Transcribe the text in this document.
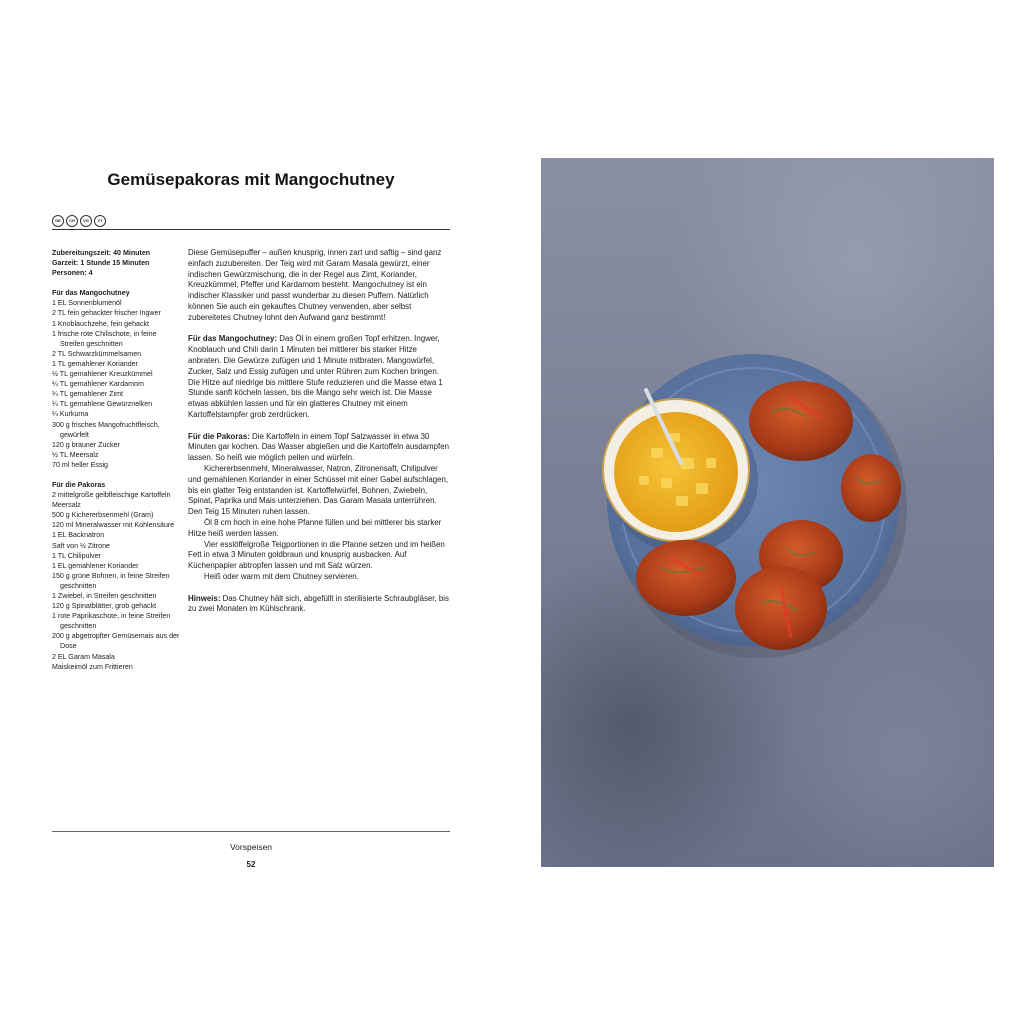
Gemüsepakoras mit Mangochutney
DE	CH	VG	VT
Zubereitungszeit: 40 Minuten
Garzeit: 1 Stunde 15 Minuten
Personen: 4
Für das Mangochutney
1 EL Sonnenblumenöl
2 TL fein gehackter frischer Ingwer
1 Knoblauchzehe, fein gehackt
1 frische rote Chilischote, in feine Streifen geschnitten
2 TL Schwarzkümmelsamen
1 TL gemahlener Koriander
½ TL gemahlener Kreuzkümmel
¼ TL gemahlener Kardamom
¼ TL gemahlener Zimt
¼ TL gemahlene Gewürznelken
¼ Kurkuma
300 g frisches Mangofruchtfleisch, gewürfelt
120 g brauner Zucker
½ TL Meersalz
70 ml heller Essig
Für die Pakoras
2 mittelgroße gelbfleischige Kartoffeln
Meersalz
500 g Kichererbsenmehl (Gram)
120 ml Mineralwasser mit Kohlensäure
1 EL Backnatron
Saft von ½ Zitrone
1 TL Chilipulver
1 EL gemahlener Koriander
150 g grüne Bohnen, in feine Streifen geschnitten
1 Zwiebel, in Streifen geschnitten
120 g Spinatblätter, grob gehackt
1 rote Paprikaschote, in feine Streifen geschnitten
200 g abgetropfter Gemüsemais aus der Dose
2 EL Garam Masala
Maiskeimöl zum Frittieren

Diese Gemüsepuffer – außen knusprig, innen zart und saftig – sind ganz einfach zuzubereiten. Der Teig wird mit Garam Masala gewürzt, einer indischen Gewürzmischung, die in der Regel aus Zimt, Koriander, Kreuzkümmel, Pfeffer und Kardamom besteht. Mangochutney ist ein indischer Klassiker und passt wunderbar zu diesen Puffern. Natürlich können Sie auch ein gekauftes Chutney verwenden, aber selbst zubereitetes Chutney lohnt den Aufwand ganz bestimmt!

Für das Mangochutney: Das Öl in einem großen Topf erhitzen. Ingwer, Knoblauch und Chili darin 1 Minuten bei mittlerer bis starker Hitze anbraten. Die Gewürze zufügen und 1 Minute mitbraten. Mangowürfel, Zucker, Salz und Essig zufügen und unter Rühren zum Kochen bringen. Die Hitze auf niedrige bis mittlere Stufe reduzieren und die Masse etwa 1 Stunde sanft köcheln lassen, bis die Mango sehr weich ist. Die Masse etwas abkühlen lassen und für ein glatteres Chutney mit einem Kartoffelstampfer grob zerdrücken.

Für die Pakoras: Die Kartoffeln in einem Topf Salzwasser in etwa 30 Minuten gar kochen. Das Wasser abgießen und die Kartoffeln ausdampfen lassen. So heiß wie möglich pellen und würfeln.

Kichererbsenmehl, Mineralwasser, Natron, Zitronensaft, Chilipulver und gemahlenen Koriander in einer Schüssel mit einer Gabel aufschlagen, bis ein glatter Teig entstanden ist. Kartoffelwürfel, Bohnen, Zwiebeln, Spinat, Paprika und Mais unterziehen. Das Garam Masala unterrühren. Den Teig 15 Minuten ruhen lassen.

Öl 8 cm hoch in eine hohe Pfanne füllen und bei mittlerer bis starker Hitze heiß werden lassen.

Vier esslöffelgroße Teigportionen in die Pfanne setzen und im heißen Fett in etwa 3 Minuten goldbraun und knusprig ausbacken. Auf Küchenpapier abtropfen lassen und mit Salz würzen.

Heiß oder warm mit dem Chutney servieren.

Hinweis: Das Chutney hält sich, abgefüllt in sterilisierte Schraubgläser, bis zu zwei Monaten im Kühlschrank.

Vorspeisen
52
